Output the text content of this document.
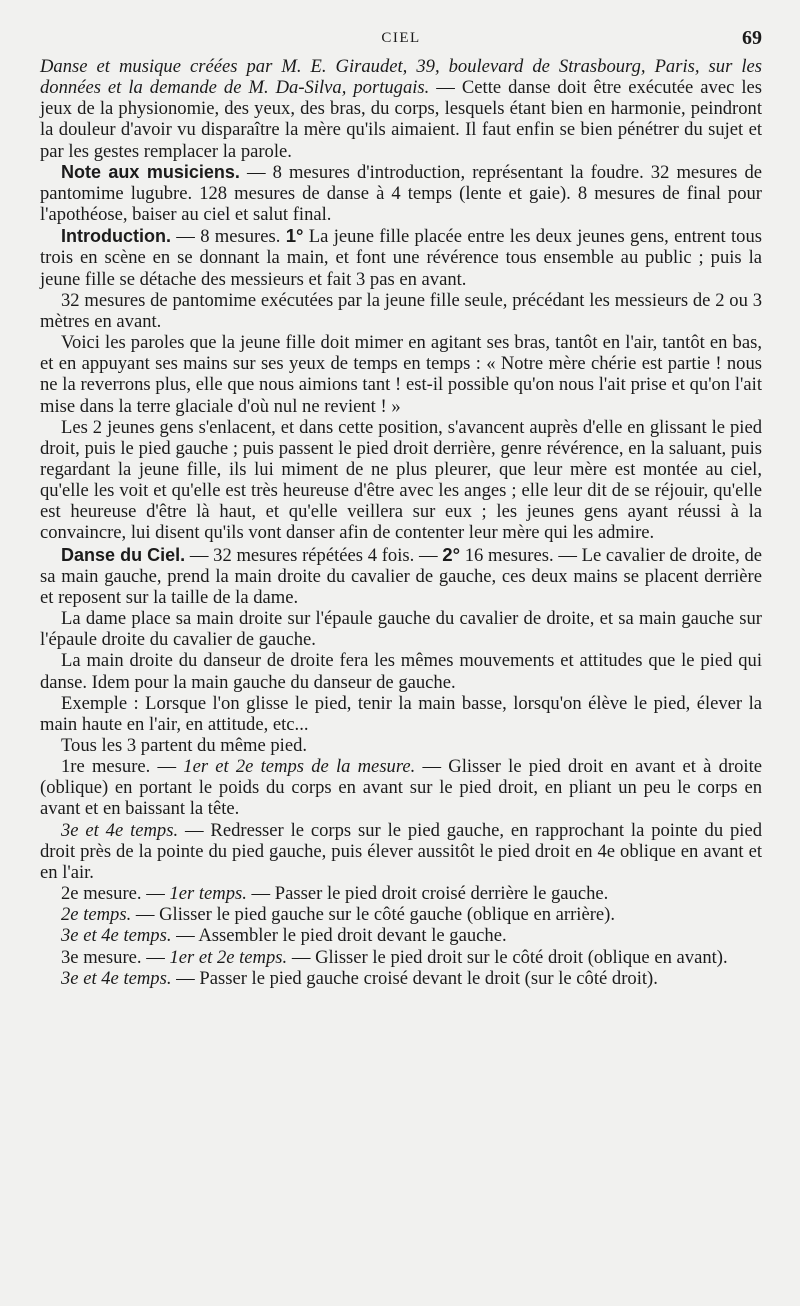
CIEL	69

Danse et musique créées par M. E. Giraudet, 39, boulevard de Strasbourg, Paris, sur les données et la demande de M. Da-Silva, portugais. — Cette danse doit être exécutée avec les jeux de la physionomie, des yeux, des bras, du corps, lesquels étant bien en harmonie, peindront la douleur d'avoir vu disparaître la mère qu'ils aimaient. Il faut enfin se bien pénétrer du sujet et par les gestes remplacer la parole.

Note aux musiciens. — 8 mesures d'introduction, représentant la foudre. 32 mesures de pantomime lugubre. 128 mesures de danse à 4 temps (lente et gaie). 8 mesures de final pour l'apothéose, baiser au ciel et salut final.

Introduction. — 8 mesures. 1° La jeune fille placée entre les deux jeunes gens, entrent tous trois en scène en se donnant la main, et font une révérence tous ensemble au public ; puis la jeune fille se détache des messieurs et fait 3 pas en avant.

32 mesures de pantomime exécutées par la jeune fille seule, précédant les messieurs de 2 ou 3 mètres en avant.

Voici les paroles que la jeune fille doit mimer en agitant ses bras, tantôt en l'air, tantôt en bas, et en appuyant ses mains sur ses yeux de temps en temps : « Notre mère chérie est partie ! nous ne la reverrons plus, elle que nous aimions tant ! est-il possible qu'on nous l'ait prise et qu'on l'ait mise dans la terre glaciale d'où nul ne revient ! »

Les 2 jeunes gens s'enlacent, et dans cette position, s'avancent auprès d'elle en glissant le pied droit, puis le pied gauche ; puis passent le pied droit derrière, genre révérence, en la saluant, puis regardant la jeune fille, ils lui miment de ne plus pleurer, que leur mère est montée au ciel, qu'elle les voit et qu'elle est très heureuse d'être avec les anges ; elle leur dit de se réjouir, qu'elle est heureuse d'être là haut, et qu'elle veillera sur eux ; les jeunes gens ayant réussi à la convaincre, lui disent qu'ils vont danser afin de contenter leur mère qui les admire.

Danse du Ciel. — 32 mesures répétées 4 fois. — 2° 16 mesures. — Le cavalier de droite, de sa main gauche, prend la main droite du cavalier de gauche, ces deux mains se placent derrière et reposent sur la taille de la dame.

La dame place sa main droite sur l'épaule gauche du cavalier de droite, et sa main gauche sur l'épaule droite du cavalier de gauche.

La main droite du danseur de droite fera les mêmes mouvements et attitudes que le pied qui danse. Idem pour la main gauche du danseur de gauche.

Exemple : Lorsque l'on glisse le pied, tenir la main basse, lorsqu'on élève le pied, élever la main haute en l'air, en attitude, etc...

Tous les 3 partent du même pied.

1re mesure. — 1er et 2e temps de la mesure. — Glisser le pied droit en avant et à droite (oblique) en portant le poids du corps en avant sur le pied droit, en pliant un peu le corps en avant et en baissant la tête.

3e et 4e temps. — Redresser le corps sur le pied gauche, en rapprochant la pointe du pied droit près de la pointe du pied gauche, puis élever aussitôt le pied droit en 4e oblique en avant et en l'air.

2e mesure. — 1er temps. — Passer le pied droit croisé derrière le gauche.

2e temps. — Glisser le pied gauche sur le côté gauche (oblique en arrière).

3e et 4e temps. — Assembler le pied droit devant le gauche.

3e mesure. — 1er et 2e temps. — Glisser le pied droit sur le côté droit (oblique en avant).

3e et 4e temps. — Passer le pied gauche croisé devant le droit (sur le côté droit).
